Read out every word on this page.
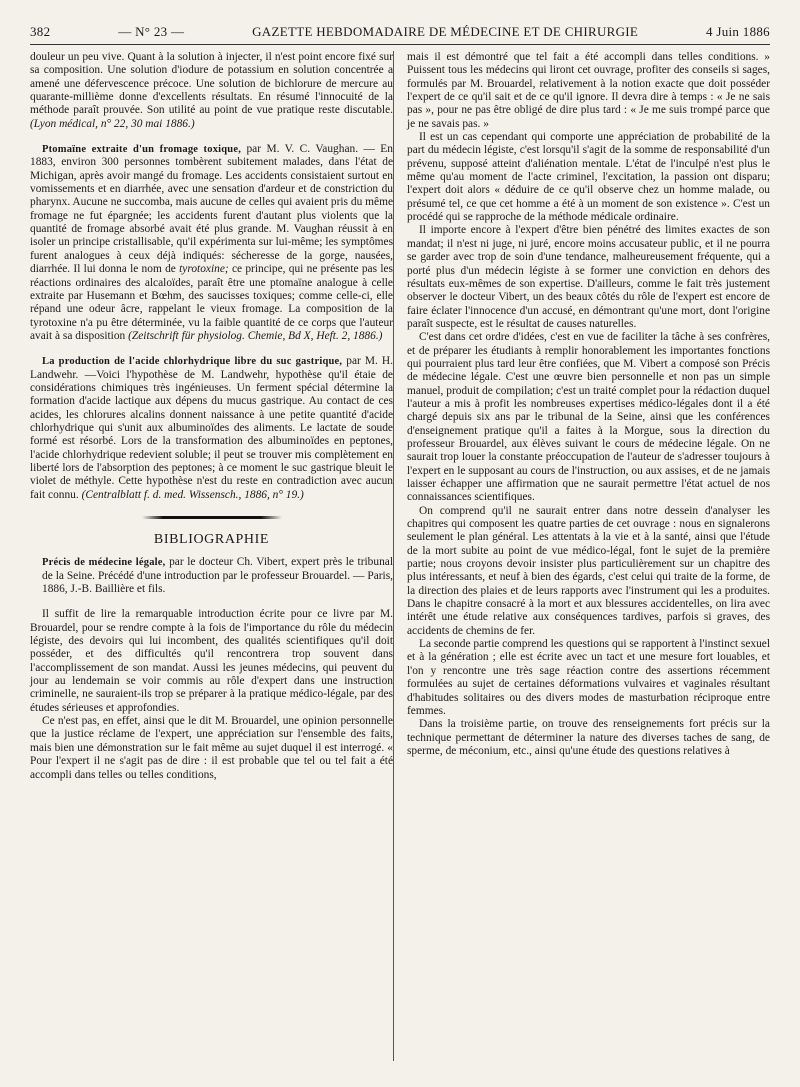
382	— N° 23 —	GAZETTE HEBDOMADAIRE DE MÉDECINE ET DE CHIRURGIE	4 Juin 1886

douleur un peu vive. Quant à la solution à injecter, il n'est point encore fixé sur sa composition. Une solution d'iodure de potassium en solution concentrée a amené une défervescence précoce. Une solution de bichlorure de mercure au quarante-millième donne d'excellents résultats. En résumé l'innocuité de la méthode paraît prouvée. Son utilité au point de vue pratique reste discutable. (Lyon médical, n° 22, 30 mai 1886.)

Ptomaïne extraite d'un fromage toxique, par M. V. C. Vaughan. — En 1883, environ 300 personnes tombèrent subitement malades, dans l'état de Michigan, après avoir mangé du fromage. Les accidents consistaient surtout en vomissements et en diarrhée, avec une sensation d'ardeur et de constriction du pharynx. Aucune ne succomba, mais aucune de celles qui avaient pris du même fromage ne fut épargnée; les accidents furent d'autant plus violents que la quantité de fromage absorbé avait été plus grande. M. Vaughan réussit à en isoler un principe cristallisable, qu'il expérimenta sur lui-même; les symptômes furent analogues à ceux déjà indiqués: sécheresse de la gorge, nausées, diarrhée. Il lui donna le nom de tyrotoxine; ce principe, qui ne présente pas les réactions ordinaires des alcaloïdes, paraît être une ptomaïne analogue à celle extraite par Husemann et Bœhm, des saucisses toxiques; comme celle-ci, elle répand une odeur âcre, rappelant le vieux fromage. La composition de la tyrotoxine n'a pu être déterminée, vu la faible quantité de ce corps que l'auteur avait à sa disposition (Zeitschrift für physiolog. Chemie, Bd X, Heft. 2, 1886.)

La production de l'acide chlorhydrique libre du suc gastrique, par M. H. Landwehr. —Voici l'hypothèse de M. Landwehr, hypothèse qu'il étaie de considérations chimiques très ingénieuses. Un ferment spécial détermine la formation d'acide lactique aux dépens du mucus gastrique. Au contact de ces acides, les chlorures alcalins donnent naissance à une petite quantité d'acide chlorhydrique qui s'unit aux albuminoïdes des aliments. Le lactate de soude formé est résorbé. Lors de la transformation des albuminoïdes en peptones, l'acide chlorhydrique redevient soluble; il peut se trouver mis complètement en liberté lors de l'absorption des peptones; à ce moment le suc gastrique bleuit le violet de méthyle. Cette hypothèse n'est du reste en contradiction avec aucun fait connu. (Centralblatt f. d. med. Wissensch., 1886, n° 19.)

BIBLIOGRAPHIE

Précis de médecine légale, par le docteur Ch. Vibert, expert près le tribunal de la Seine. Précédé d'une introduction par le professeur Brouardel. — Paris, 1886, J.-B. Baillière et fils.

Il suffit de lire la remarquable introduction écrite pour ce livre par M. Brouardel, pour se rendre compte à la fois de l'importance du rôle du médecin légiste, des devoirs qui lui incombent, des qualités scientifiques qu'il doit posséder, et des difficultés qu'il rencontrera trop souvent dans l'accomplissement de son mandat. Aussi les jeunes médecins, qui peuvent du jour au lendemain se voir commis au rôle d'expert dans une instruction criminelle, ne sauraient-ils trop se préparer à la pratique médico-légale, par des études sérieuses et approfondies.

Ce n'est pas, en effet, ainsi que le dit M. Brouardel, une opinion personnelle que la justice réclame de l'expert, une appréciation sur l'ensemble des faits, mais bien une démonstration sur le fait même au sujet duquel il est interrogé. « Pour l'expert il ne s'agit pas de dire : il est probable que tel ou tel fait a été accompli dans telles ou telles conditions,

mais il est démontré que tel fait a été accompli dans telles conditions. » Puissent tous les médecins qui liront cet ouvrage, profiter des conseils si sages, formulés par M. Brouardel, relativement à la notion exacte que doit posséder l'expert de ce qu'il sait et de ce qu'il ignore. Il devra dire à temps : « Je ne sais pas », pour ne pas être obligé de dire plus tard : « Je me suis trompé parce que je ne savais pas. »

Il est un cas cependant qui comporte une appréciation de probabilité de la part du médecin légiste, c'est lorsqu'il s'agit de la somme de responsabilité d'un prévenu, supposé atteint d'aliénation mentale. L'état de l'inculpé n'est plus le même qu'au moment de l'acte criminel, l'excitation, la passion ont disparu; l'expert doit alors « déduire de ce qu'il observe chez un homme malade, ou présumé tel, ce que cet homme a été à un moment de son existence ». C'est un procédé qui se rapproche de la méthode médicale ordinaire.

Il importe encore à l'expert d'être bien pénétré des limites exactes de son mandat; il n'est ni juge, ni juré, encore moins accusateur public, et il ne pourra se garder avec trop de soin d'une tendance, malheureusement fréquente, qui a porté plus d'un médecin légiste à se former une conviction en dehors des résultats eux-mêmes de son expertise. D'ailleurs, comme le fait très justement observer le docteur Vibert, un des beaux côtés du rôle de l'expert est encore de faire éclater l'innocence d'un accusé, en démontrant qu'une mort, dont l'origine paraît suspecte, est le résultat de causes naturelles.

C'est dans cet ordre d'idées, c'est en vue de faciliter la tâche à ses confrères, et de préparer les étudiants à remplir honorablement les importantes fonctions qui pourraient plus tard leur être confiées, que M. Vibert a composé son Précis de médecine légale. C'est une œuvre bien personnelle et non pas un simple manuel, produit de compilation; c'est un traité complet pour la rédaction duquel l'auteur a mis à profit les nombreuses expertises médico-légales dont il a été chargé depuis six ans par le tribunal de la Seine, ainsi que les conférences d'enseignement pratique qu'il a faites à la Morgue, sous la direction du professeur Brouardel, aux élèves suivant le cours de médecine légale. On ne saurait trop louer la constante préoccupation de l'auteur de s'adresser toujours à l'expert en le supposant au cours de l'instruction, ou aux assises, et de ne jamais laisser échapper une affirmation que ne saurait permettre l'état actuel de nos connaissances scientifiques.

On comprend qu'il ne saurait entrer dans notre dessein d'analyser les chapitres qui composent les quatre parties de cet ouvrage : nous en signalerons seulement le plan général. Les attentats à la vie et à la santé, ainsi que l'étude de la mort subite au point de vue médico-légal, font le sujet de la première partie; nous croyons devoir insister plus particulièrement sur un chapitre des plus intéressants, et neuf à bien des égards, c'est celui qui traite de la forme, de la direction des plaies et de leurs rapports avec l'instrument qui les a produites. Dans le chapitre consacré à la mort et aux blessures accidentelles, on lira avec intérêt une étude relative aux conséquences tardives, parfois si graves, des accidents de chemins de fer.

La seconde partie comprend les questions qui se rapportent à l'instinct sexuel et à la génération ; elle est écrite avec un tact et une mesure fort louables, et l'on y rencontre une très sage réaction contre des assertions récemment formulées au sujet de certaines déformations vulvaires et vaginales résultant d'habitudes solitaires ou des divers modes de masturbation réciproque entre femmes.

Dans la troisième partie, on trouve des renseignements fort précis sur la technique permettant de déterminer la nature des diverses taches de sang, de sperme, de méconium, etc., ainsi qu'une étude des questions relatives à
